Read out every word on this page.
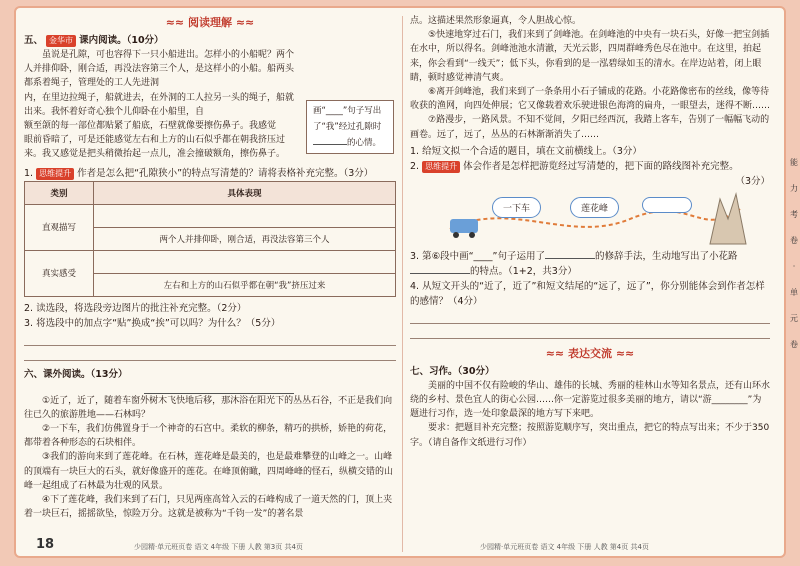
≈≈ 阅读理解 ≈≈

五、 金华市 课内阅读。（10分）

虽说是孔隙，可也容得下一只小船进出。怎样小的小船呢？两个人并排仰卧，刚合适，再没法容第三个人，是这样小的小船。船两头都系着绳子，管理处的工人先进洞

内，在里边拉绳子，船就进去，在外洞的工人拉另一头的绳子，船就出来。我怀着好奇心独个儿仰卧在小船里，自

额至颌的每一部位都贴紧了船底，石壁就像要擦伤鼻子。我感觉

眼前昏暗了，可是还能感觉左右和上方的山石似乎都在朝我挤压过来。我又感觉是把头稍微抬起一点儿，准会撞破额角，擦伤鼻子。

画“____”句子写出了“我”经过孔隙时 的心情。

1. 思维提升 作者是怎么把“孔隙狭小”的特点写清楚的？请将表格补充完整。（3分）

类别	具体表现
直观描写	
	两个人并排仰卧，刚合适，再没法容第三个人
真实感受	
	左右和上方的山石似乎都在朝“我”挤压过来

2. 读选段，将选段旁边图片的批注补充完整。（2分）

3. 将选段中的加点字“贴”换成“挨”可以吗？为什么？（5分）

六、课外阅读。（13分）

①近了，近了，随着车窗外树木飞快地后移，那沐浴在阳光下的丛丛石谷，不正是我们向往已久的旅游胜地——石林吗？

②一下车，我们仿佛置身于一个神奇的石宫中。柔软的柳条，精巧的拱桥，娇艳的荷花，都带着各种形态的石块相伴。

③我们的游向来到了莲花峰。在石林，莲花峰是最美的，也是最难攀登的山峰之一。山峰的顶端有一块巨大的石头，就好像盛开的莲花。在峰顶俯瞰，四周峰峰的怪石，纵横交错的山峰一起组成了石林最为壮观的风景。

④下了莲花峰，我们来到了石门，只见两座高耸入云的石峰构成了一道天然的门，顶上夹着一块巨石，摇摇欲坠，惊险万分。这就是被称为“千钧一发”的著名景

18	少园精·单元班页卷 语文 4年级 下册 人教 第3页 共4页

点。这描述果然形象逼真，令人胆战心惊。

⑤快速地穿过石门，我们来到了剑峰池。在剑峰池的中央有一块石头，好像一把宝剑插在水中，所以得名。剑峰池池水清澈，天光云影，四周群峰秀色尽在池中。在这里，拍起来，你会看到“一线天”；低下头，你看到的是一泓碧绿如玉的清水。在岸边站着，闭上眼睛，顿时感觉神清气爽。

⑥离开剑峰池，我们来到了一条条用小石子铺成的花路。小花路像密布的丝线，像等待收获的渔网，向四处伸展；它又像载着欢乐驶进银色海湾的扁舟，一眼望去，迷得不断……

⑦路漫步，一路风景。不知不觉间，夕阳已经西沉，我踏上客车，告别了一幅幅飞动的画卷。远了，远了，丛丛的石林渐渐消失了……

1. 给短文拟一个合适的题目，填在文前横线上。（3分）

2. 思维提升 体会作者是怎样把游览经过写清楚的，把下面的路线图补充完整。

（3分）

一下车	莲花峰

3. 第⑥段中画“____”句子运用了	的修辞手法，生动地写出了小花路的特点。（1+2，共3分）

4. 从短文开头的“近了，近了”和短文结尾的“远了，远了”，你分别能体会到作者怎样的感情？（4分）

≈≈ 表达交流 ≈≈

七、习作。（30分）

美丽的中国不仅有险峻的华山、雄伟的长城、秀丽的桂林山水等知名景点，还有山环水绕的乡村、景色宜人的街心公园……你一定游览过很多美丽的地方，请以“游________”为题进行习作，选一处印象最深的地方写下来吧。

要求：把题目补充完整；按照游览顺序写，突出重点，把它的特点写出来；不少于350字。（请自备作文纸进行习作）

少园精·单元班页卷 语文 4年级 下册 人教 第4页 共4页
能
力
考
卷
·
单
元
卷
